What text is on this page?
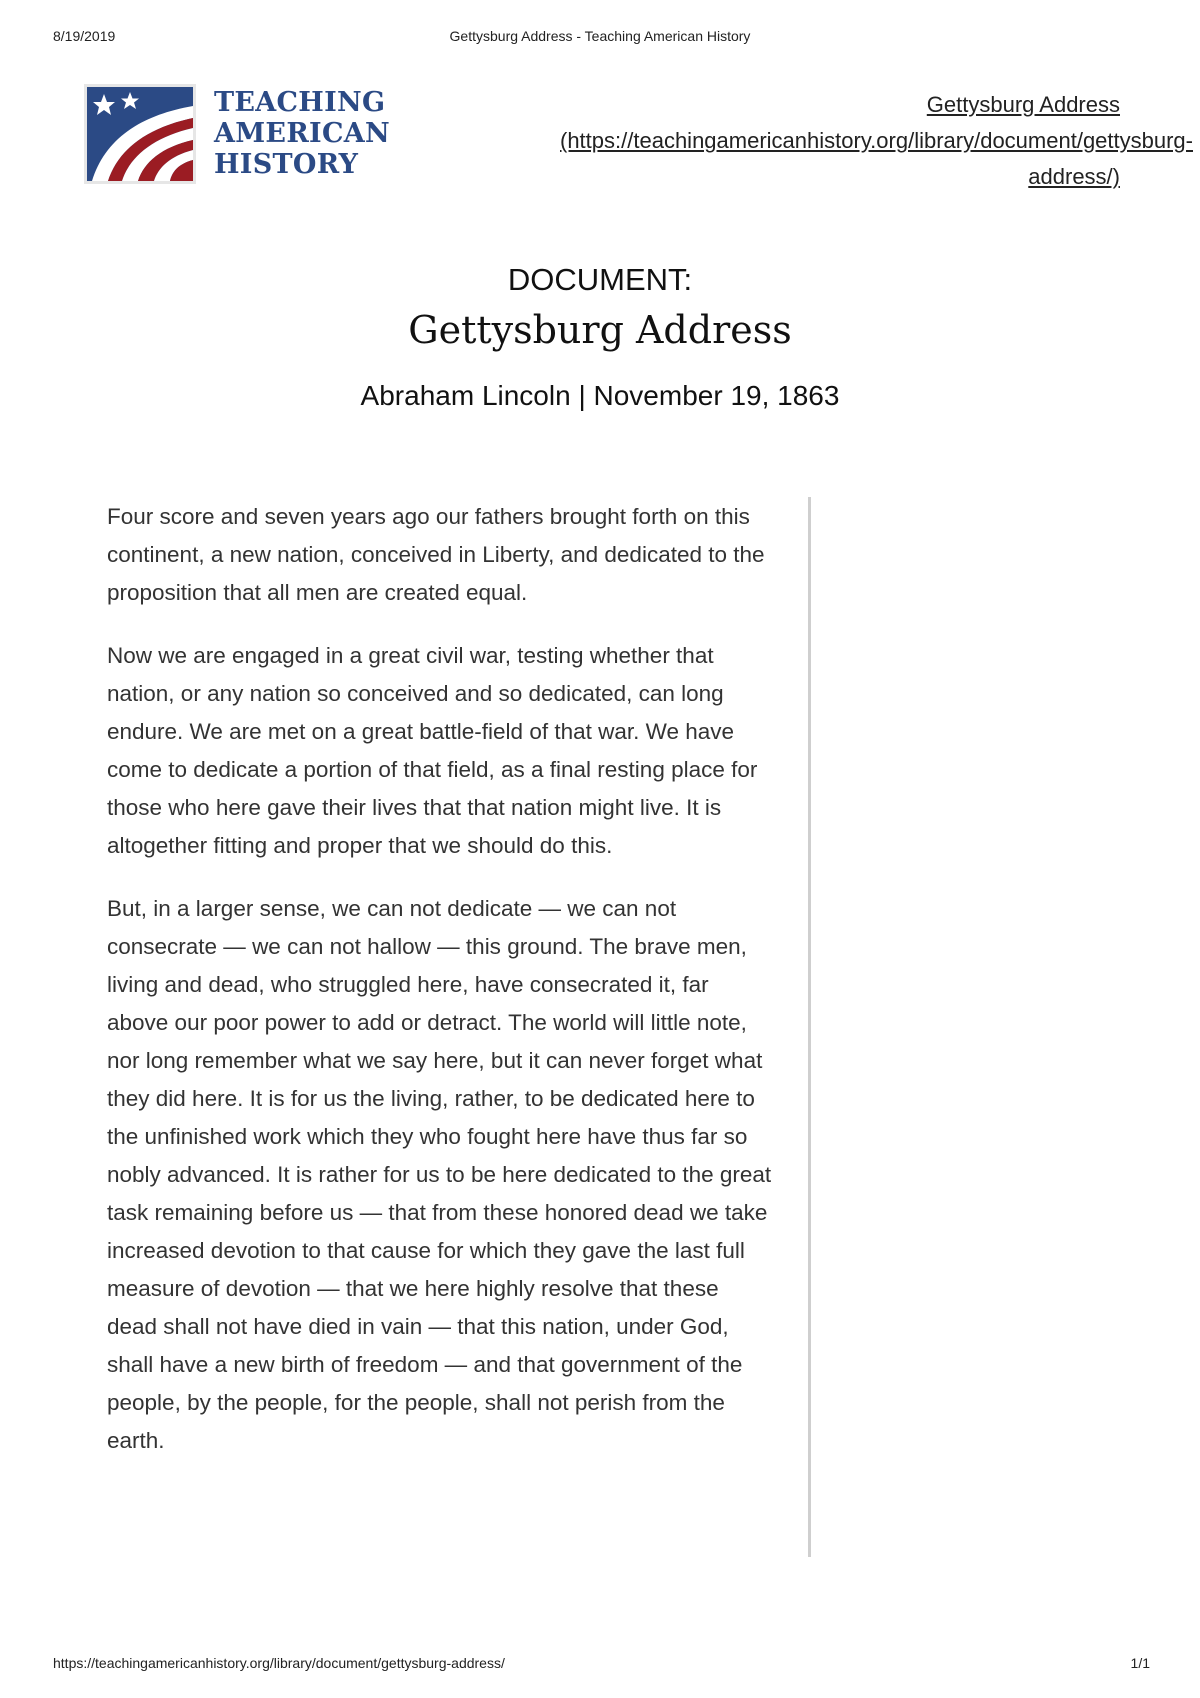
8/19/2019	Gettysburg Address - Teaching American History
TEACHING
AMERICAN
HISTORY
Gettysburg Address

(https://teachingamericanhistory.org/library/document/gettysburg-
address/)
DOCUMENT:
Gettysburg Address
Abraham Lincoln | November 19, 1863

Four score and seven years ago our fathers brought forth on this continent, a new nation, conceived in Liberty, and dedicated to the proposition that all men are created equal.

Now we are engaged in a great civil war, testing whether that nation, or any nation so conceived and so dedicated, can long endure. We are met on a great battle-field of that war. We have come to dedicate a portion of that field, as a final resting place for those who here gave their lives that that nation might live. It is altogether fitting and proper that we should do this.

But, in a larger sense, we can not dedicate — we can not consecrate — we can not hallow — this ground. The brave men, living and dead, who struggled here, have consecrated it, far above our poor power to add or detract. The world will little note, nor long remember what we say here, but it can never forget what they did here. It is for us the living, rather, to be dedicated here to the unfinished work which they who fought here have thus far so nobly advanced. It is rather for us to be here dedicated to the great task remaining before us — that from these honored dead we take increased devotion to that cause for which they gave the last full measure of devotion — that we here highly resolve that these dead shall not have died in vain — that this nation, under God, shall have a new birth of freedom — and that government of the people, by the people, for the people, shall not perish from the earth.

https://teachingamericanhistory.org/library/document/gettysburg-address/	1/1
